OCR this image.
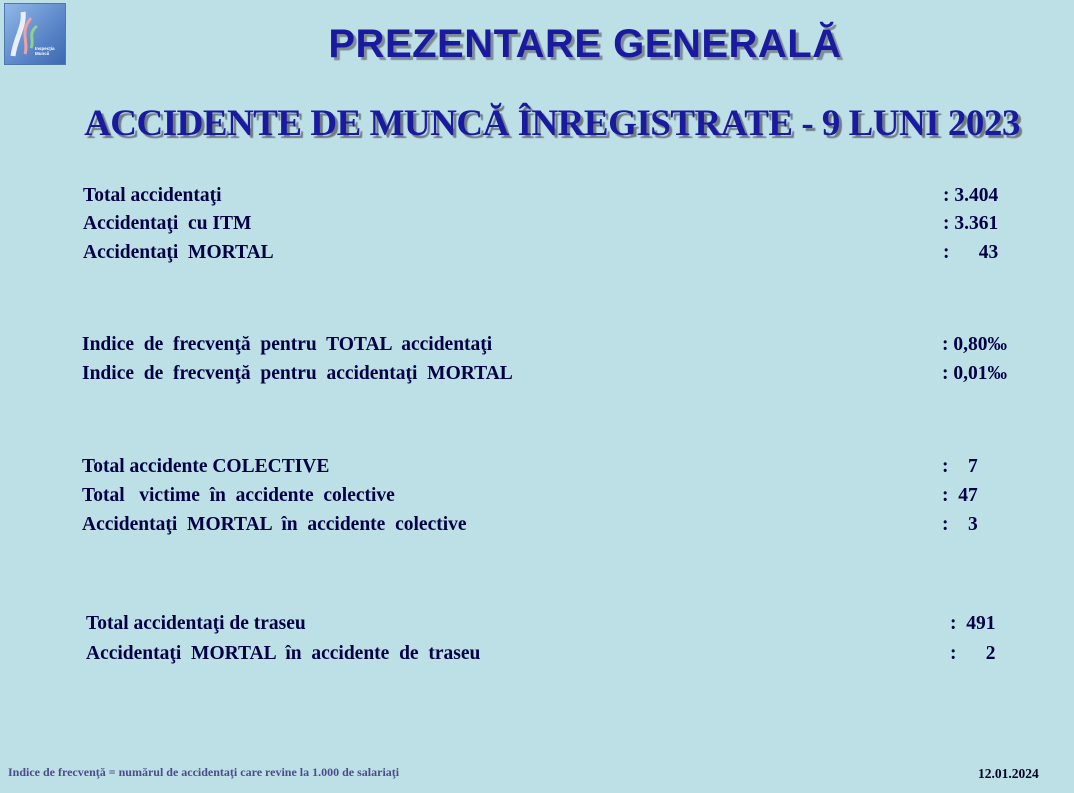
Inspecţia
Muncii	PREZENTARE GENERALĂ
ACCIDENTE DE MUNCĂ ÎNREGISTRATE - 9 LUNI 2023
Total accidentaţi	: 3.404
Accidentaţi  cu ITM	: 3.361
Accidentaţi  MORTAL	:      43
Indice  de  frecvenţă  pentru  TOTAL  accidentaţi	: 0,80‰
Indice  de  frecvenţă  pentru  accidentaţi  MORTAL	: 0,01‰
Total accidente COLECTIVE	:    7
Total   victime  în  accidente  colective	:  47
Accidentaţi  MORTAL  în  accidente  colective	:    3
Total accidentaţi de traseu	:  491
Accidentaţi  MORTAL  în  accidente  de  traseu	:      2
Indice de frecvenţă = numărul de accidentaţi care revine la 1.000 de salariaţi	12.01.2024
